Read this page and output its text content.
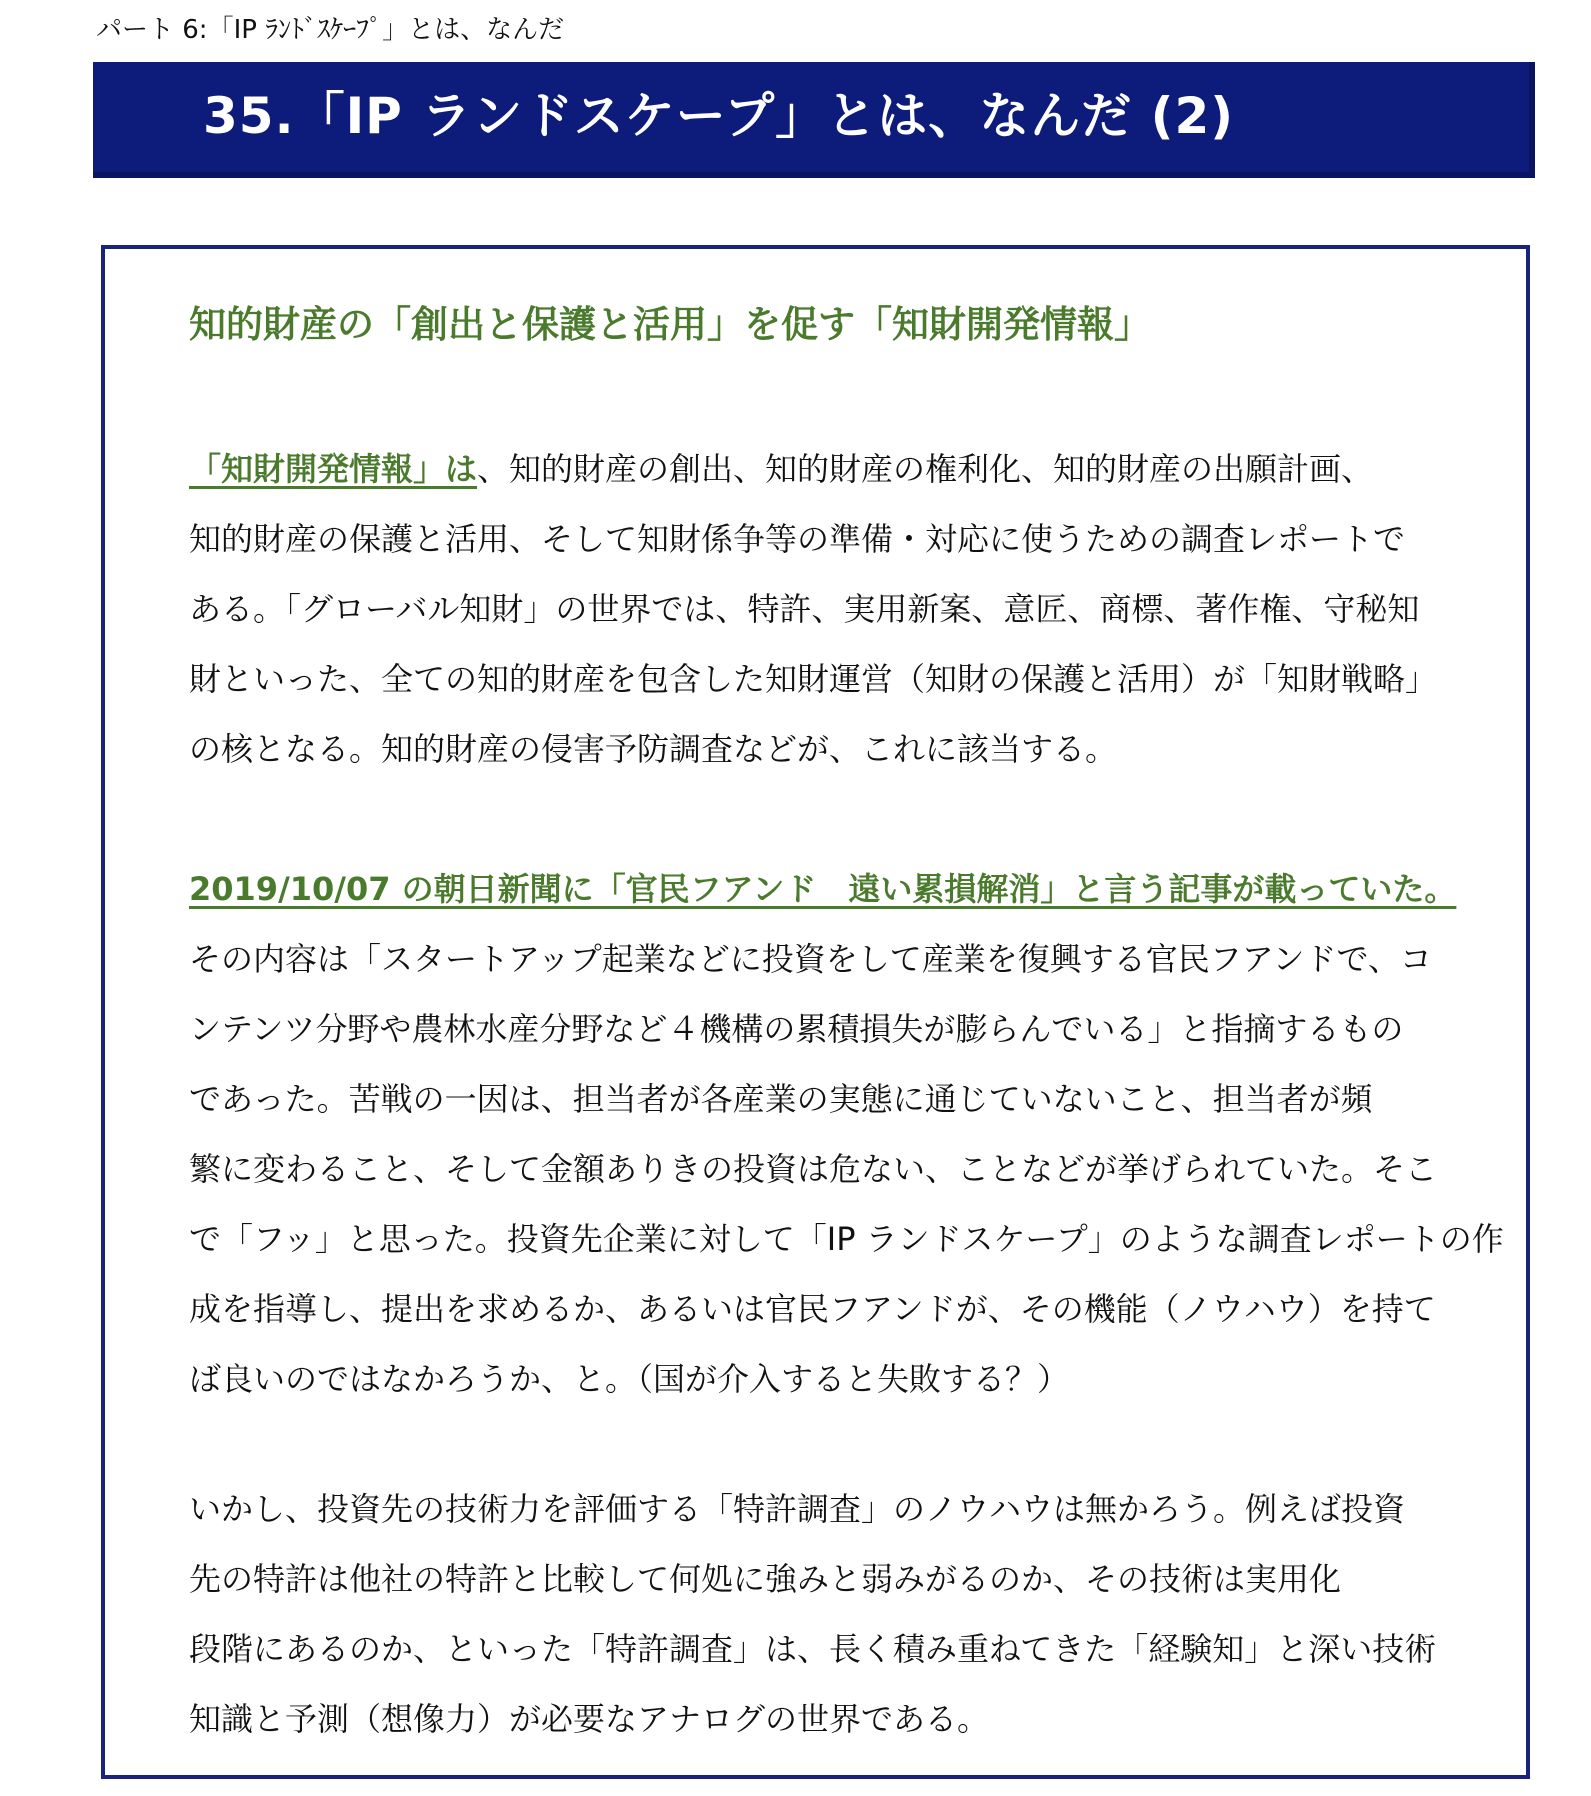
パート 6:「IP ﾗﾝﾄﾞｽｹｰﾌﾟ」とは、なんだ
35.「IP ランドスケープ」とは、なんだ (2)
知的財産の「創出と保護と活用」を促す「知財開発情報」
「知財開発情報」は、知的財産の創出、知的財産の権利化、知的財産の出願計画、
知的財産の保護と活用、そして知財係争等の準備・対応に使うための調査レポートで
ある。「グローバル知財」の世界では、特許、実用新案、意匠、商標、著作権、守秘知
財といった、全ての知的財産を包含した知財運営（知財の保護と活用）が「知財戦略」
の核となる。知的財産の侵害予防調査などが、これに該当する。
2019/10/07 の朝日新聞に「官民フアンド　遠い累損解消」と言う記事が載っていた。
その内容は「スタートアップ起業などに投資をして産業を復興する官民フアンドで、コ
ンテンツ分野や農林水産分野など４機構の累積損失が膨らんでいる」と指摘するもの
であった。苦戦の一因は、担当者が各産業の実態に通じていないこと、担当者が頻
繁に変わること、そして金額ありきの投資は危ない、ことなどが挙げられていた。そこ
で「フッ」と思った。投資先企業に対して「IP ランドスケープ」のような調査レポートの作
成を指導し、提出を求めるか、あるいは官民フアンドが、その機能（ノウハウ）を持て
ば良いのではなかろうか、と。（国が介入すると失敗する？）
いかし、投資先の技術力を評価する「特許調査」のノウハウは無かろう。例えば投資
先の特許は他社の特許と比較して何処に強みと弱みがるのか、その技術は実用化
段階にあるのか、といった「特許調査」は、長く積み重ねてきた「経験知」と深い技術
知識と予測（想像力）が必要なアナログの世界である。
